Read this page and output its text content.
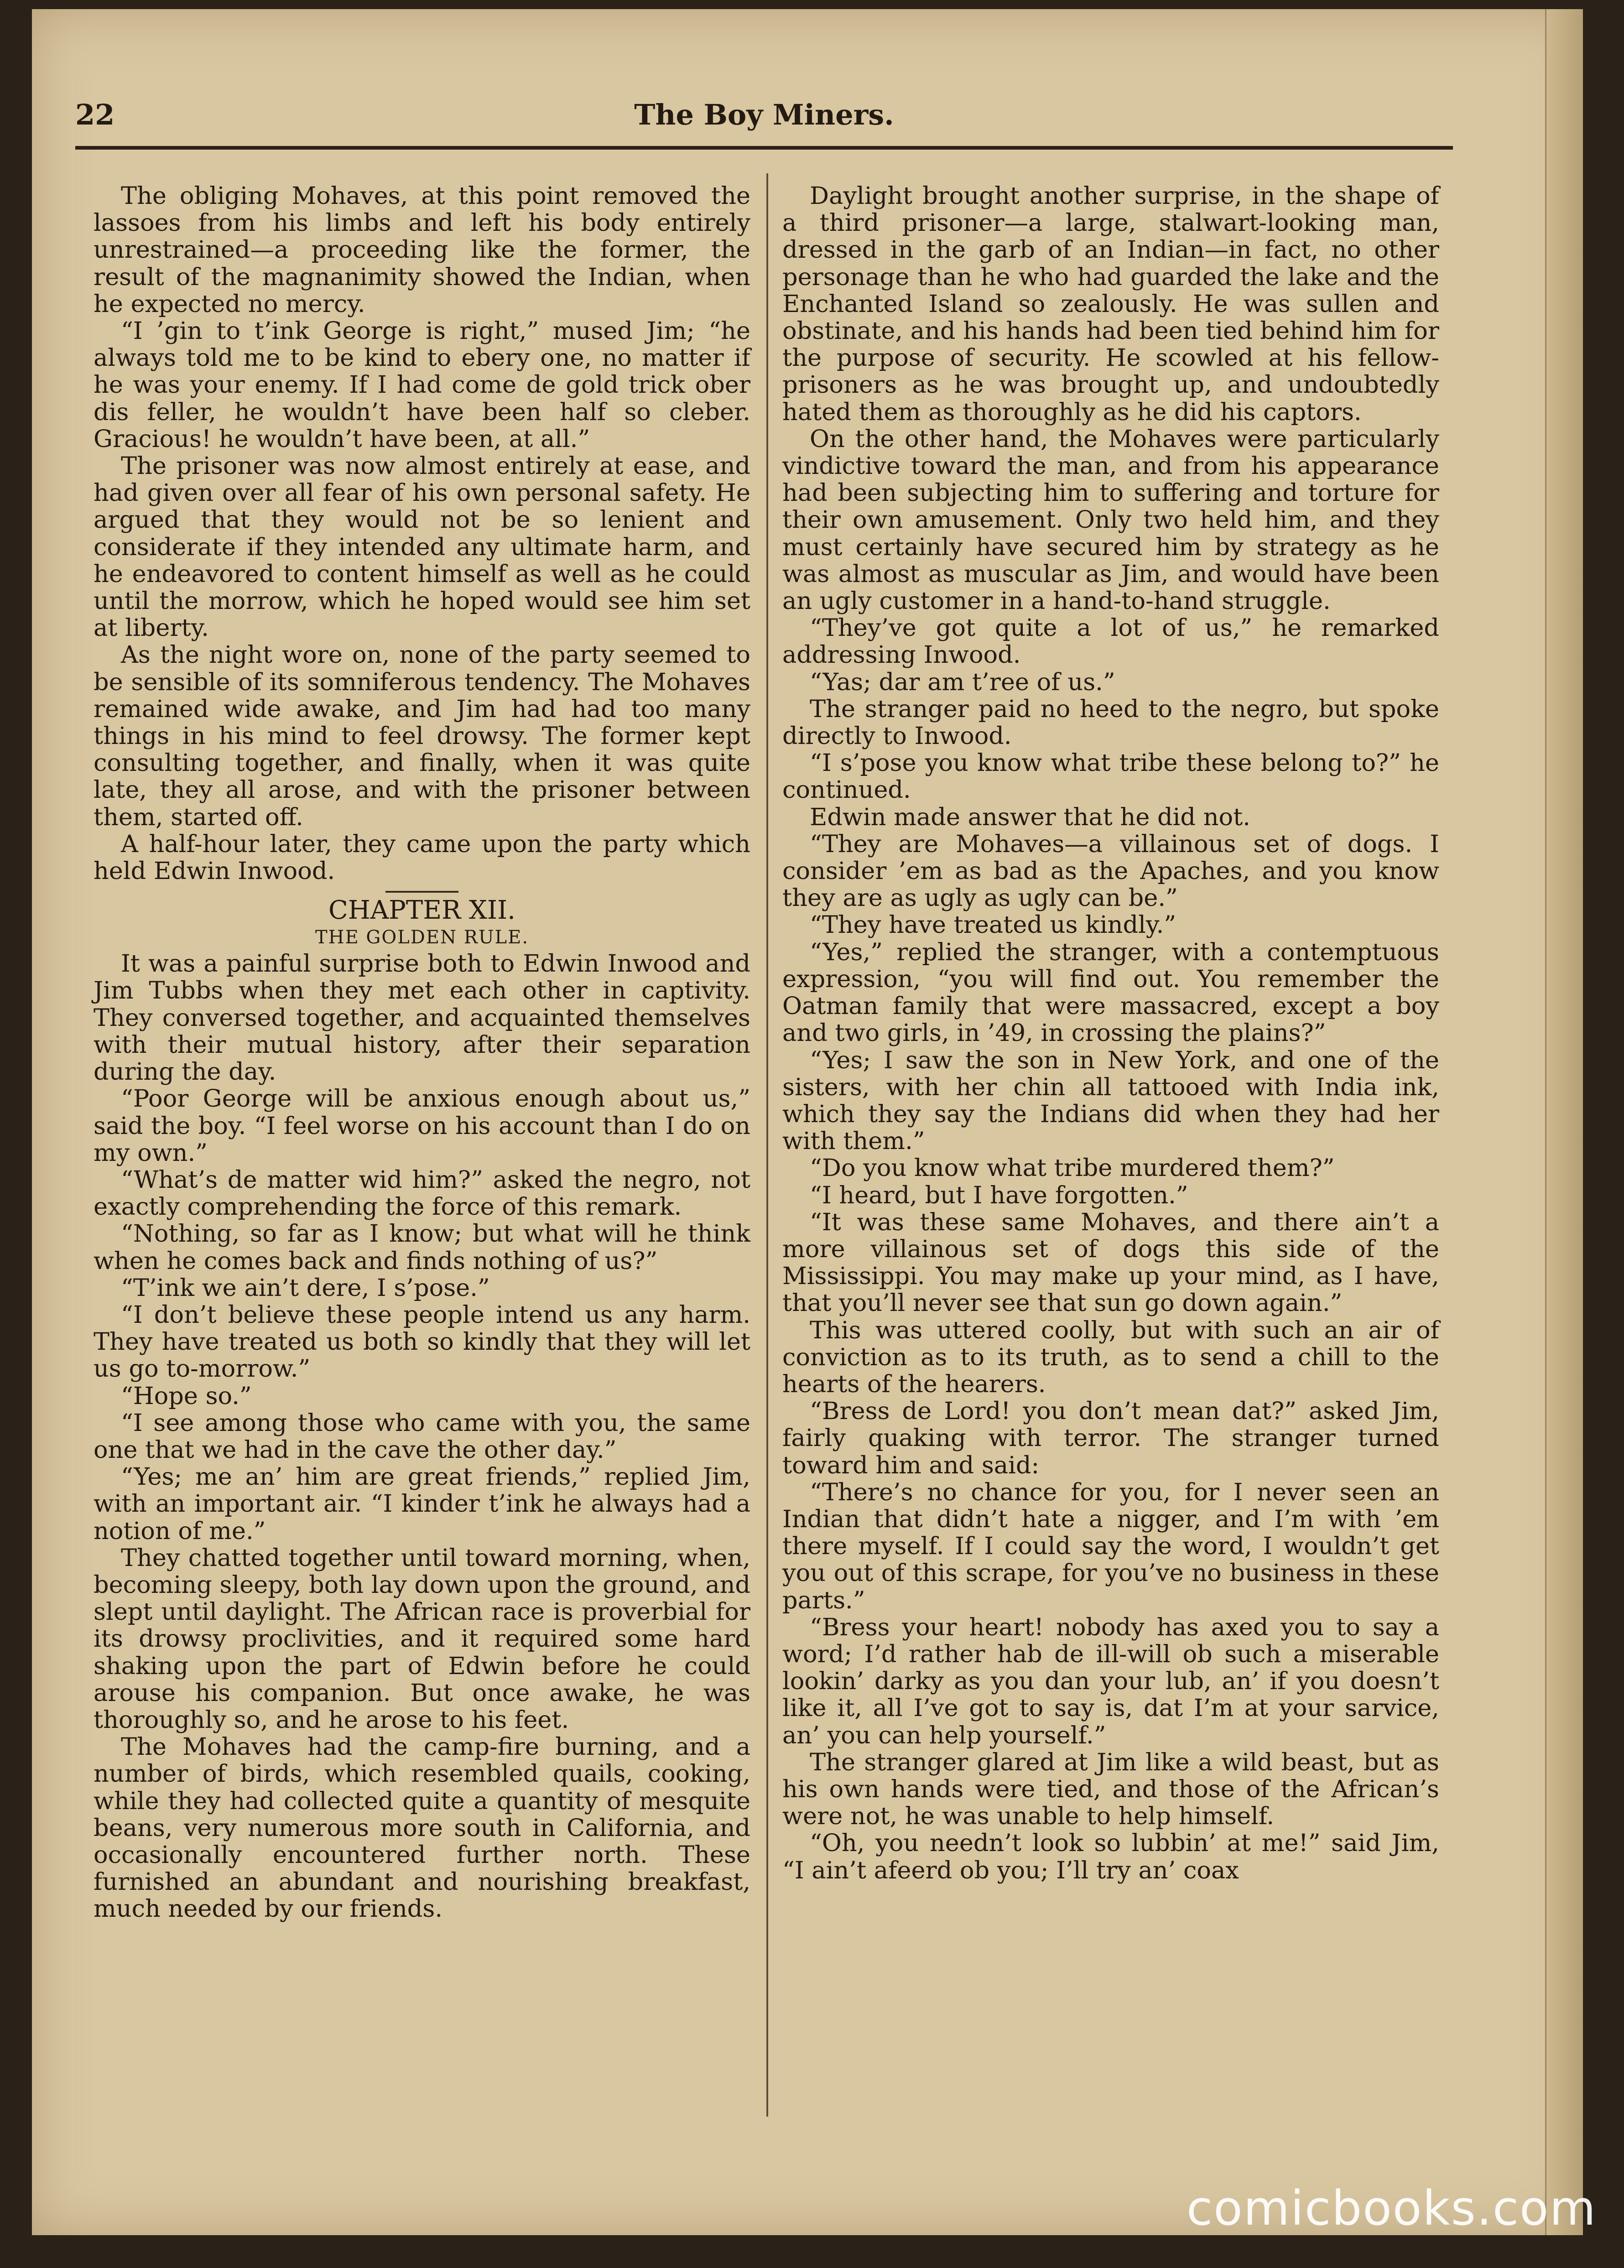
22	The Boy Miners.

The obliging Mohaves, at this point removed the lassoes from his limbs and left his body entirely unrestrained—a proceeding like the former, the result of the magnanimity showed the Indian, when he expected no mercy.

“I ’gin to t’ink George is right,” mused Jim; “he always told me to be kind to ebery one, no matter if he was your enemy. If I had come de gold trick ober dis feller, he wouldn’t have been half so cleber. Gracious! he wouldn’t have been, at all.”

The prisoner was now almost entirely at ease, and had given over all fear of his own personal safety. He argued that they would not be so lenient and considerate if they intended any ultimate harm, and he endeavored to content himself as well as he could until the morrow, which he hoped would see him set at liberty.

As the night wore on, none of the party seemed to be sensible of its somniferous tendency. The Mohaves remained wide awake, and Jim had had too many things in his mind to feel drowsy. The former kept consulting together, and finally, when it was quite late, they all arose, and with the prisoner between them, started off.

A half-hour later, they came upon the party which held Edwin Inwood.

CHAPTER XII.
THE GOLDEN RULE.

It was a painful surprise both to Edwin Inwood and Jim Tubbs when they met each other in captivity. They conversed together, and acquainted themselves with their mutual history, after their separation during the day.

“Poor George will be anxious enough about us,” said the boy. “I feel worse on his account than I do on my own.”

“What’s de matter wid him?” asked the negro, not exactly comprehending the force of this remark.

“Nothing, so far as I know; but what will he think when he comes back and finds nothing of us?”

“T’ink we ain’t dere, I s’pose.”

“I don’t believe these people intend us any harm. They have treated us both so kindly that they will let us go to-morrow.”

“Hope so.”

“I see among those who came with you, the same one that we had in the cave the other day.”

“Yes; me an’ him are great friends,” replied Jim, with an important air. “I kinder t’ink he always had a notion of me.”

They chatted together until toward morning, when, becoming sleepy, both lay down upon the ground, and slept until daylight. The African race is proverbial for its drowsy proclivities, and it required some hard shaking upon the part of Edwin before he could arouse his companion. But once awake, he was thoroughly so, and he arose to his feet.

The Mohaves had the camp-fire burning, and a number of birds, which resembled quails, cooking, while they had collected quite a quantity of mesquite beans, very numerous more south in California, and occasionally encountered further north. These furnished an abundant and nourishing breakfast, much needed by our friends.

Daylight brought another surprise, in the shape of a third prisoner—a large, stalwart-looking man, dressed in the garb of an Indian—in fact, no other personage than he who had guarded the lake and the Enchanted Island so zealously. He was sullen and obstinate, and his hands had been tied behind him for the purpose of security. He scowled at his fellow-prisoners as he was brought up, and undoubtedly hated them as thoroughly as he did his captors.

On the other hand, the Mohaves were particularly vindictive toward the man, and from his appearance had been subjecting him to suffering and torture for their own amusement. Only two held him, and they must certainly have secured him by strategy as he was almost as muscular as Jim, and would have been an ugly customer in a hand-to-hand struggle.

“They’ve got quite a lot of us,” he remarked addressing Inwood.

“Yas; dar am t’ree of us.”

The stranger paid no heed to the negro, but spoke directly to Inwood.

“I s’pose you know what tribe these belong to?” he continued.

Edwin made answer that he did not.

“They are Mohaves—a villainous set of dogs. I consider ’em as bad as the Apaches, and you know they are as ugly as ugly can be.”

“They have treated us kindly.”

“Yes,” replied the stranger, with a contemptuous expression, “you will find out. You remember the Oatman family that were massacred, except a boy and two girls, in ’49, in crossing the plains?”

“Yes; I saw the son in New York, and one of the sisters, with her chin all tattooed with India ink, which they say the Indians did when they had her with them.”

“Do you know what tribe murdered them?”

“I heard, but I have forgotten.”

“It was these same Mohaves, and there ain’t a more villainous set of dogs this side of the Mississippi. You may make up your mind, as I have, that you’ll never see that sun go down again.”

This was uttered coolly, but with such an air of conviction as to its truth, as to send a chill to the hearts of the hearers.

“Bress de Lord! you don’t mean dat?” asked Jim, fairly quaking with terror. The stranger turned toward him and said:

“There’s no chance for you, for I never seen an Indian that didn’t hate a nigger, and I’m with ’em there myself. If I could say the word, I wouldn’t get you out of this scrape, for you’ve no business in these parts.”

“Bress your heart! nobody has axed you to say a word; I’d rather hab de ill-will ob such a miserable lookin’ darky as you dan your lub, an’ if you doesn’t like it, all I’ve got to say is, dat I’m at your sarvice, an’ you can help yourself.”

The stranger glared at Jim like a wild beast, but as his own hands were tied, and those of the African’s were not, he was unable to help himself.

“Oh, you needn’t look so lubbin’ at me!” said Jim, “I ain’t afeerd ob you; I’ll try an’ coax

comicbooks.com
